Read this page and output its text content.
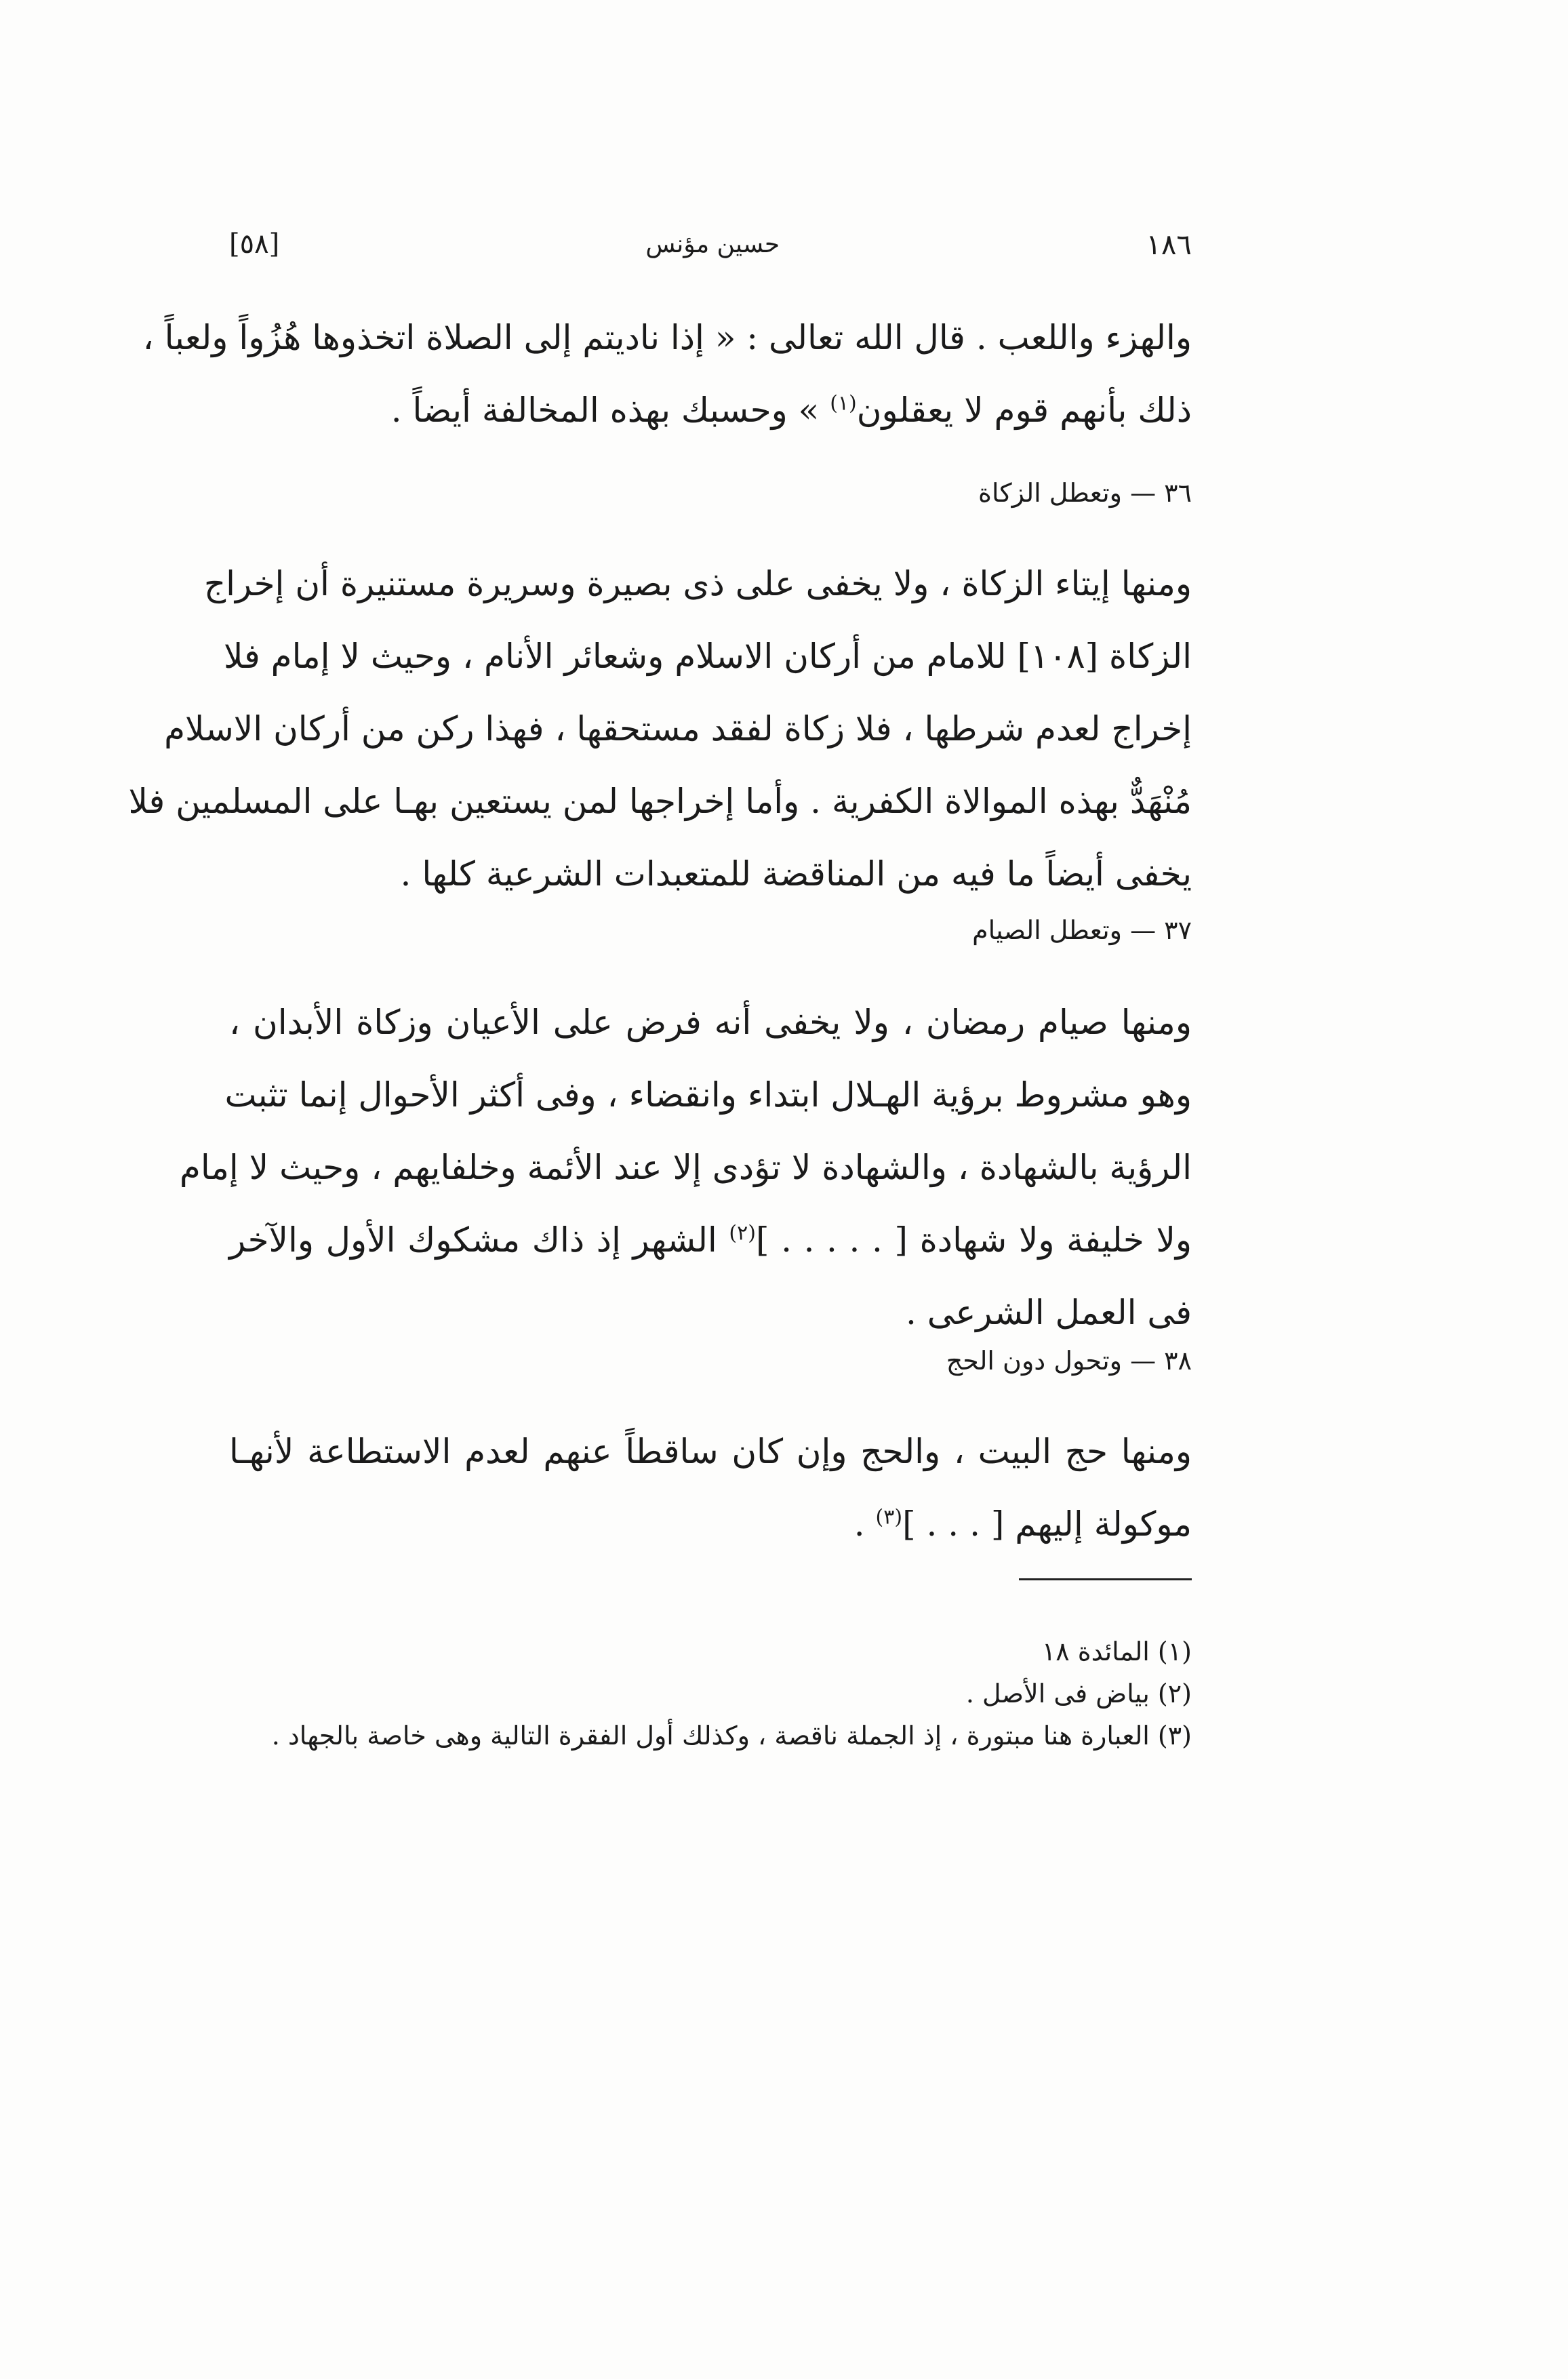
١٨٦
حسين مؤنس
[٥٨]

والهزء واللعب . قال الله تعالى : « إذا ناديتم إلى الصلاة اتخذوها هُزُواً ولعباً ،
ذلك بأنهم قوم لا يعقلون$^{(١)}$ » وحسبك بهذه المخالفة أيضاً .

٣٦ — وتعطل الزكاة

ومنها إيتاء الزكاة ، ولا يخفى على ذى بصيرة وسريرة مستنيرة أن إخراج
الزكاة [١٠٨] للامام من أركان الاسلام وشعائر الأنام ، وحيث لا إمام فلا
إخراج لعدم شرطها ، فلا زكاة لفقد مستحقها ، فهذا ركن من أركان الاسلام
مُنْهَدٌّ بهذه الموالاة الكفرية . وأما إخراجها لمن يستعين بهـا على المسلمين فلا
يخفى أيضاً ما فيه من المناقضة للمتعبدات الشرعية كلها .

٣٧ — وتعطل الصيام

ومنها صيام رمضان ، ولا يخفى أنه فرض على الأعيان وزكاة الأبدان ،
وهو مشروط برؤية الهـلال ابتداء وانقضاء ، وفى أكثر الأحوال إنما تثبت
الرؤية بالشهادة ، والشهادة لا تؤدى إلا عند الأئمة وخلفايهم ، وحيث لا إمام
ولا خليفة ولا شهادة [ . . . . . ]$^{(٢)}$ الشهر إذ ذاك مشكوك الأول والآخر
فى العمل الشرعى .

٣٨ — وتحول دون الحج

ومنها حج البيت ، والحج وإن كان ساقطاً عنهم لعدم الاستطاعة لأنهـا
موكولة إليهم [ . . . ]$^{(٣)}$ .

(١) المائدة ١٨
(٢) بياض فى الأصل .
(٣) العبارة هنا مبتورة ، إذ الجملة ناقصة ، وكذلك أول الفقرة التالية وهى خاصة بالجهاد .
